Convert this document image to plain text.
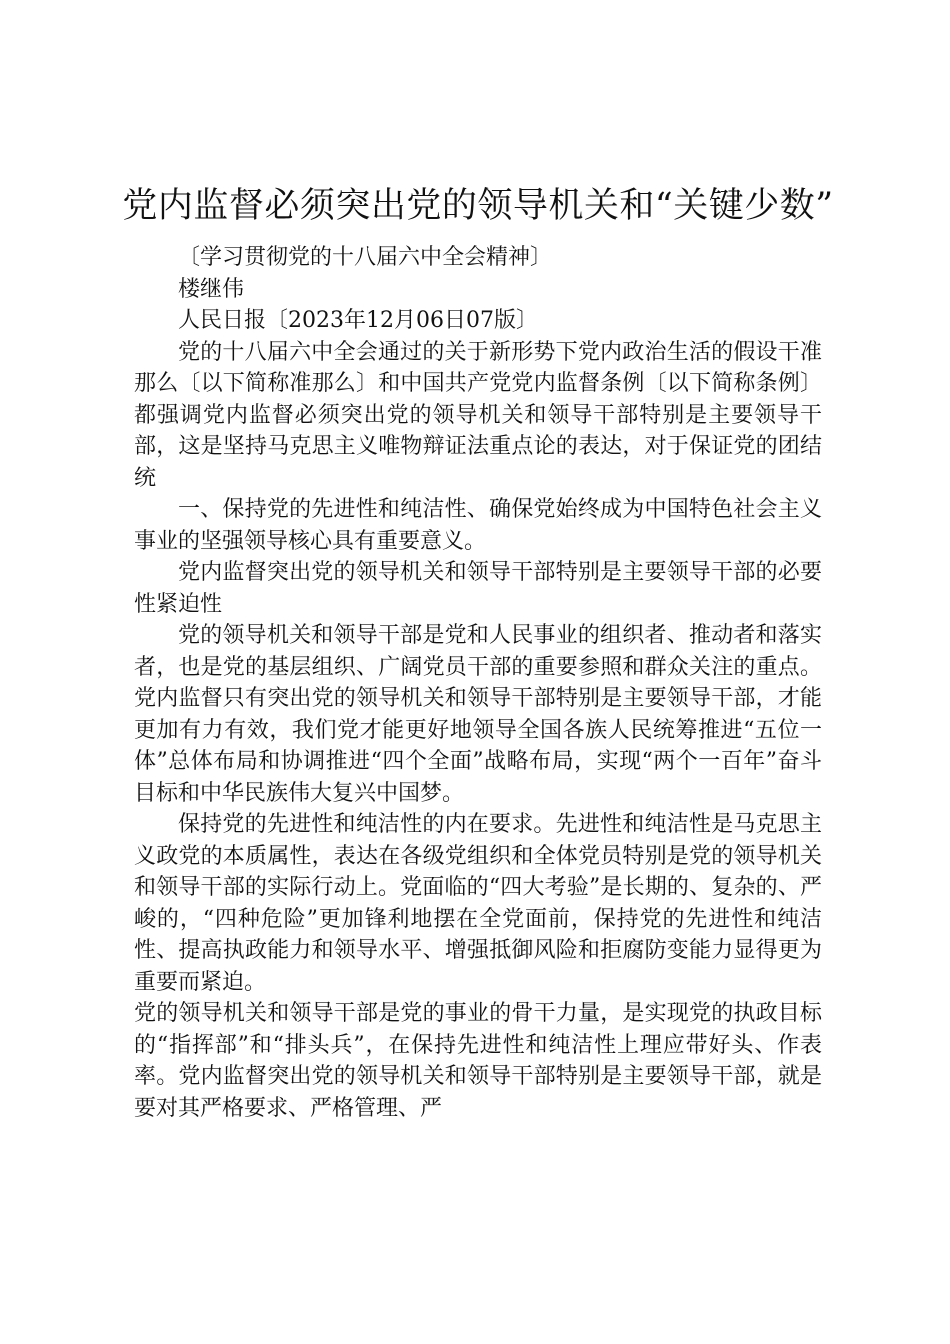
党内监督必须突出党的领导机关和“关键少数”

〔学习贯彻党的十八届六中全会精神〕

楼继伟

人民日报〔2023年12月06日07版〕

党的十八届六中全会通过的关于新形势下党内政治生活的假设干准那么〔以下简称准那么〕和中国共产党党内监督条例〔以下简称条例〕都强调党内监督必须突出党的领导机关和领导干部特别是主要领导干部，这是坚持马克思主义唯物辩证法重点论的表达，对于保证党的团结统

一、保持党的先进性和纯洁性、确保党始终成为中国特色社会主义事业的坚强领导核心具有重要意义。

党内监督突出党的领导机关和领导干部特别是主要领导干部的必要性紧迫性

党的领导机关和领导干部是党和人民事业的组织者、推动者和落实者，也是党的基层组织、广阔党员干部的重要参照和群众关注的重点。党内监督只有突出党的领导机关和领导干部特别是主要领导干部，才能更加有力有效，我们党才能更好地领导全国各族人民统筹推进“五位一体”总体布局和协调推进“四个全面”战略布局，实现“两个一百年”奋斗目标和中华民族伟大复兴中国梦。

保持党的先进性和纯洁性的内在要求。先进性和纯洁性是马克思主义政党的本质属性，表达在各级党组织和全体党员特别是党的领导机关和领导干部的实际行动上。党面临的“四大考验”是长期的、复杂的、严峻的，“四种危险”更加锋利地摆在全党面前，保持党的先进性和纯洁性、提高执政能力和领导水平、增强抵御风险和拒腐防变能力显得更为重要而紧迫。

党的领导机关和领导干部是党的事业的骨干力量，是实现党的执政目标的“指挥部”和“排头兵”，在保持先进性和纯洁性上理应带好头、作表率。党内监督突出党的领导机关和领导干部特别是主要领导干部，就是要对其严格要求、严格管理、严
